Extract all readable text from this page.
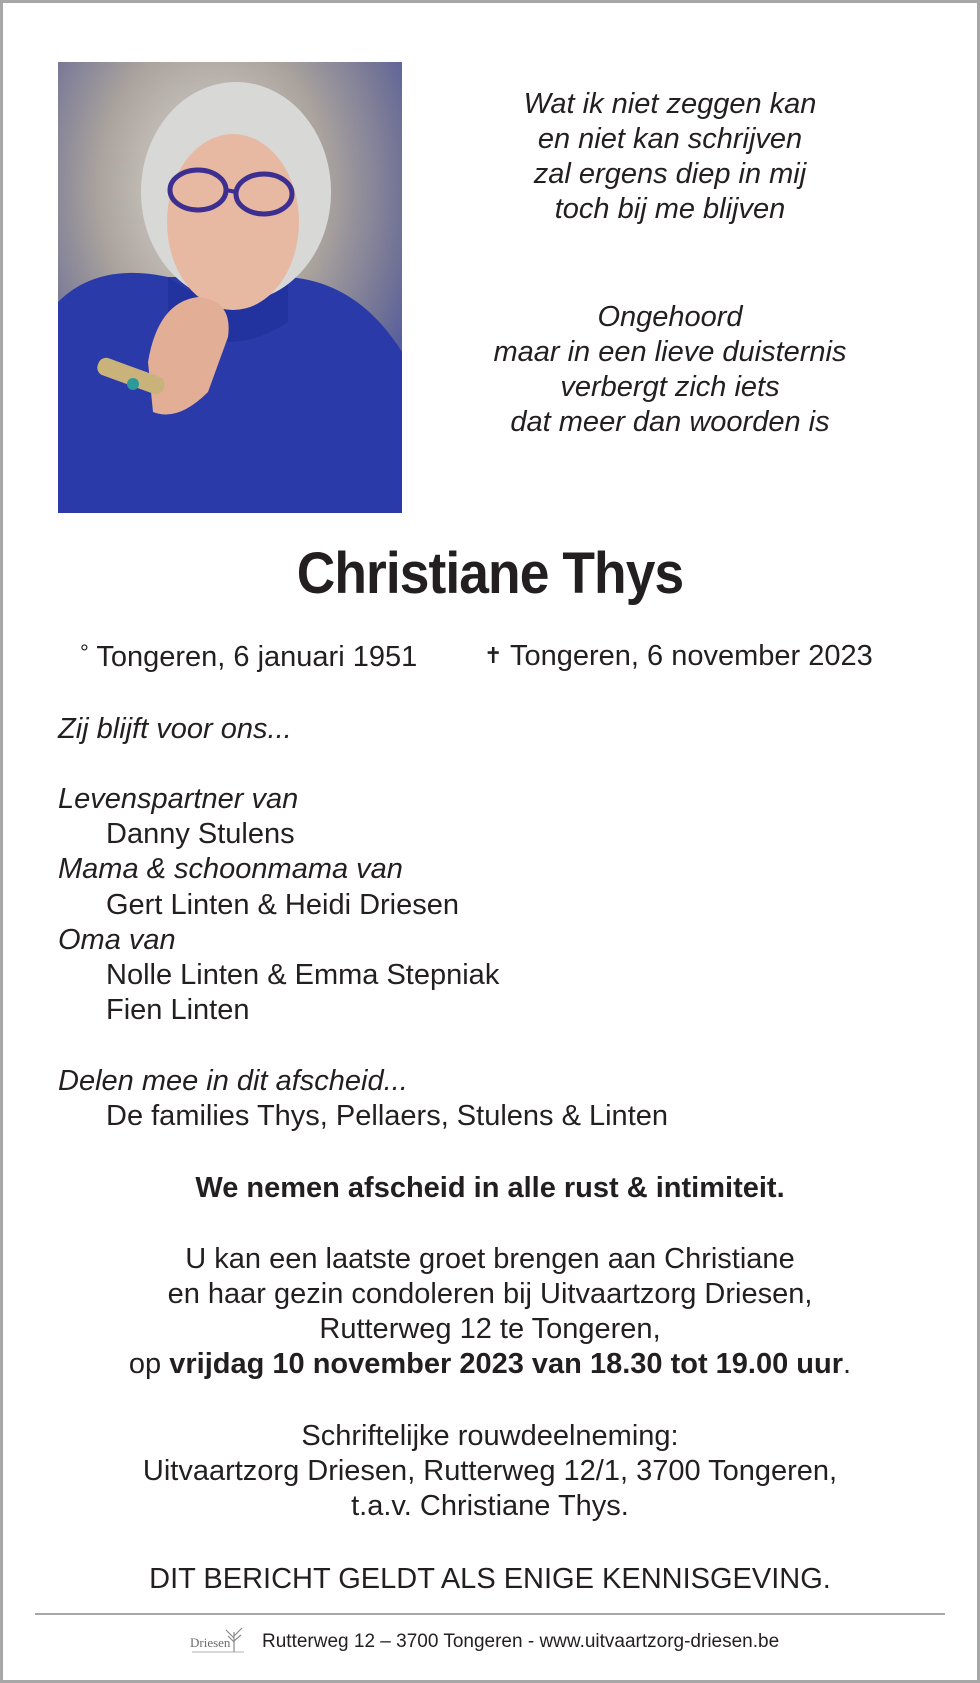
Wat ik niet zeggen kan
en niet kan schrijven
zal ergens diep in mij
toch bij me blijven
Ongehoord
maar in een lieve duisternis
verbergt zich iets
dat meer dan woorden is
Christiane Thys
° Tongeren, 6 januari 1951	✝ Tongeren, 6 november 2023
Zij blijft voor ons...
Levenspartner van
Danny Stulens
Mama & schoonmama van
Gert Linten & Heidi Driesen
Oma van
Nolle Linten & Emma Stepniak
Fien Linten
Delen mee in dit afscheid...
De families Thys, Pellaers, Stulens & Linten
We nemen afscheid in alle rust & intimiteit.
U kan een laatste groet brengen aan Christiane
en haar gezin condoleren bij Uitvaartzorg Driesen,
Rutterweg 12 te Tongeren,
op vrijdag 10 november 2023 van 18.30 tot 19.00 uur.
Schriftelijke rouwdeelneming:
Uitvaartzorg Driesen, Rutterweg 12/1, 3700 Tongeren,
t.a.v. Christiane Thys.
DIT BERICHT GELDT ALS ENIGE KENNISGEVING.
Driesen Rutterweg 12 – 3700 Tongeren - www.uitvaartzorg-driesen.be
